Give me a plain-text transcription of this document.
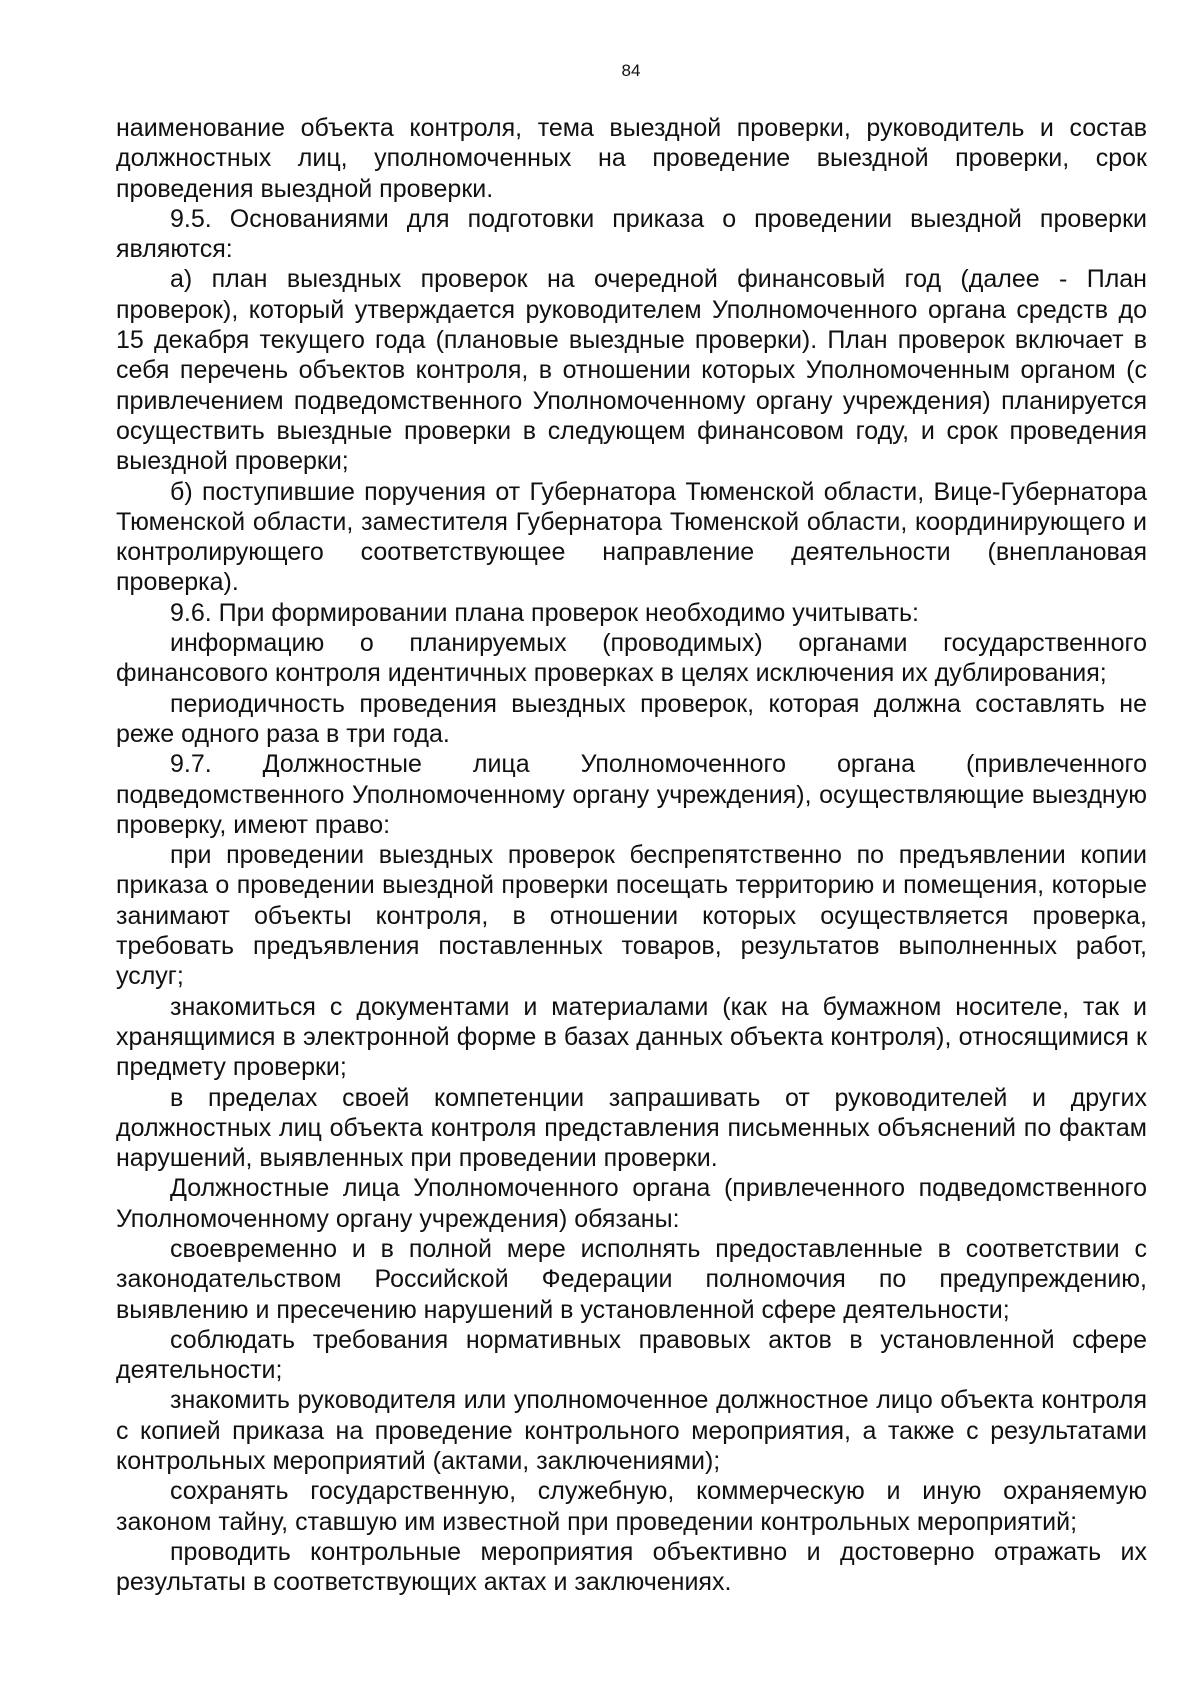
84

наименование объекта контроля, тема выездной проверки, руководитель и состав должностных лиц, уполномоченных на проведение выездной проверки, срок проведения выездной проверки.

9.5. Основаниями для подготовки приказа о проведении выездной проверки являются:

а) план выездных проверок на очередной финансовый год (далее - План проверок), который утверждается руководителем Уполномоченного органа средств до 15 декабря текущего года (плановые выездные проверки). План проверок включает в себя перечень объектов контроля, в отношении которых Уполномоченным органом (с привлечением подведомственного Уполномоченному органу учреждения) планируется осуществить выездные проверки в следующем финансовом году, и срок проведения выездной проверки;

б) поступившие поручения от Губернатора Тюменской области, Вице-Губернатора Тюменской области, заместителя Губернатора Тюменской области, координирующего и контролирующего соответствующее направление деятельности (внеплановая проверка).

9.6. При формировании плана проверок необходимо учитывать:

информацию о планируемых (проводимых) органами государственного финансового контроля идентичных проверках в целях исключения их дублирования;

периодичность проведения выездных проверок, которая должна составлять не реже одного раза в три года.

9.7. Должностные лица Уполномоченного органа (привлеченного подведомственного Уполномоченному органу учреждения), осуществляющие выездную проверку, имеют право:

при проведении выездных проверок беспрепятственно по предъявлении копии приказа о проведении выездной проверки посещать территорию и помещения, которые занимают объекты контроля, в отношении которых осуществляется проверка, требовать предъявления поставленных товаров, результатов выполненных работ, услуг;

знакомиться с документами и материалами (как на бумажном носителе, так и хранящимися в электронной форме в базах данных объекта контроля), относящимися к предмету проверки;

в пределах своей компетенции запрашивать от руководителей и других должностных лиц объекта контроля представления письменных объяснений по фактам нарушений, выявленных при проведении проверки.

Должностные лица Уполномоченного органа (привлеченного подведомственного Уполномоченному органу учреждения) обязаны:

своевременно и в полной мере исполнять предоставленные в соответствии с законодательством Российской Федерации полномочия по предупреждению, выявлению и пресечению нарушений в установленной сфере деятельности;

соблюдать требования нормативных правовых актов в установленной сфере деятельности;

знакомить руководителя или уполномоченное должностное лицо объекта контроля с копией приказа на проведение контрольного мероприятия, а также с результатами контрольных мероприятий (актами, заключениями);

сохранять государственную, служебную, коммерческую и иную охраняемую законом тайну, ставшую им известной при проведении контрольных мероприятий;

проводить контрольные мероприятия объективно и достоверно отражать их результаты в соответствующих актах и заключениях.
